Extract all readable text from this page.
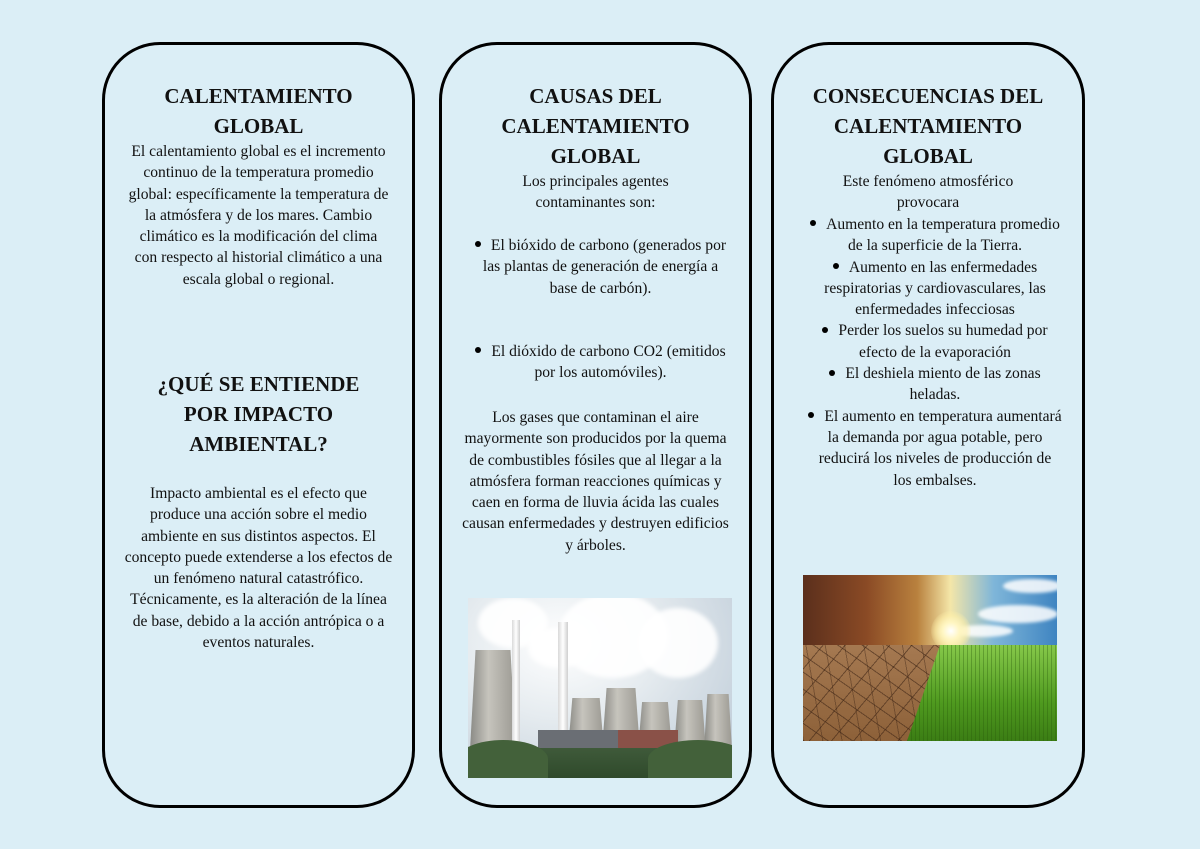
CALENTAMIENTO GLOBAL

El calentamiento global es el incremento continuo de la temperatura promedio global: específicamente la temperatura de la atmósfera y de los mares. Cambio climático es la modificación del clima con respecto al historial climático a una escala global o regional.

¿QUÉ SE ENTIENDE POR IMPACTO AMBIENTAL?

Impacto ambiental es el efecto que produce una acción sobre el medio ambiente en sus distintos aspectos. El concepto puede extenderse a los efectos de un fenómeno natural catastrófico. Técnicamente, es la alteración de la línea de base, debido a la acción antrópica o a eventos naturales.

CAUSAS DEL CALENTAMIENTO GLOBAL

Los principales agentes contaminantes son:

El bióxido de carbono (generados por las plantas de generación de energía a base de carbón).

El dióxido de carbono CO2 (emitidos por los automóviles).

Los gases que contaminan el aire mayormente son producidos por la quema de combustibles fósiles que al llegar a la atmósfera forman reacciones químicas y caen en forma de lluvia ácida las cuales causan enfermedades y destruyen edificios y árboles.

CONSECUENCIAS DEL CALENTAMIENTO GLOBAL

Este fenómeno atmosférico provocara

Aumento en la temperatura promedio de la superficie de la Tierra.
Aumento en las enfermedades respiratorias y cardiovasculares, las enfermedades infecciosas
Perder los suelos su humedad por efecto de la evaporación
El deshiela miento de las zonas heladas.
El aumento en temperatura aumentará la demanda por agua potable, pero reducirá los niveles de producción de los embalses.
